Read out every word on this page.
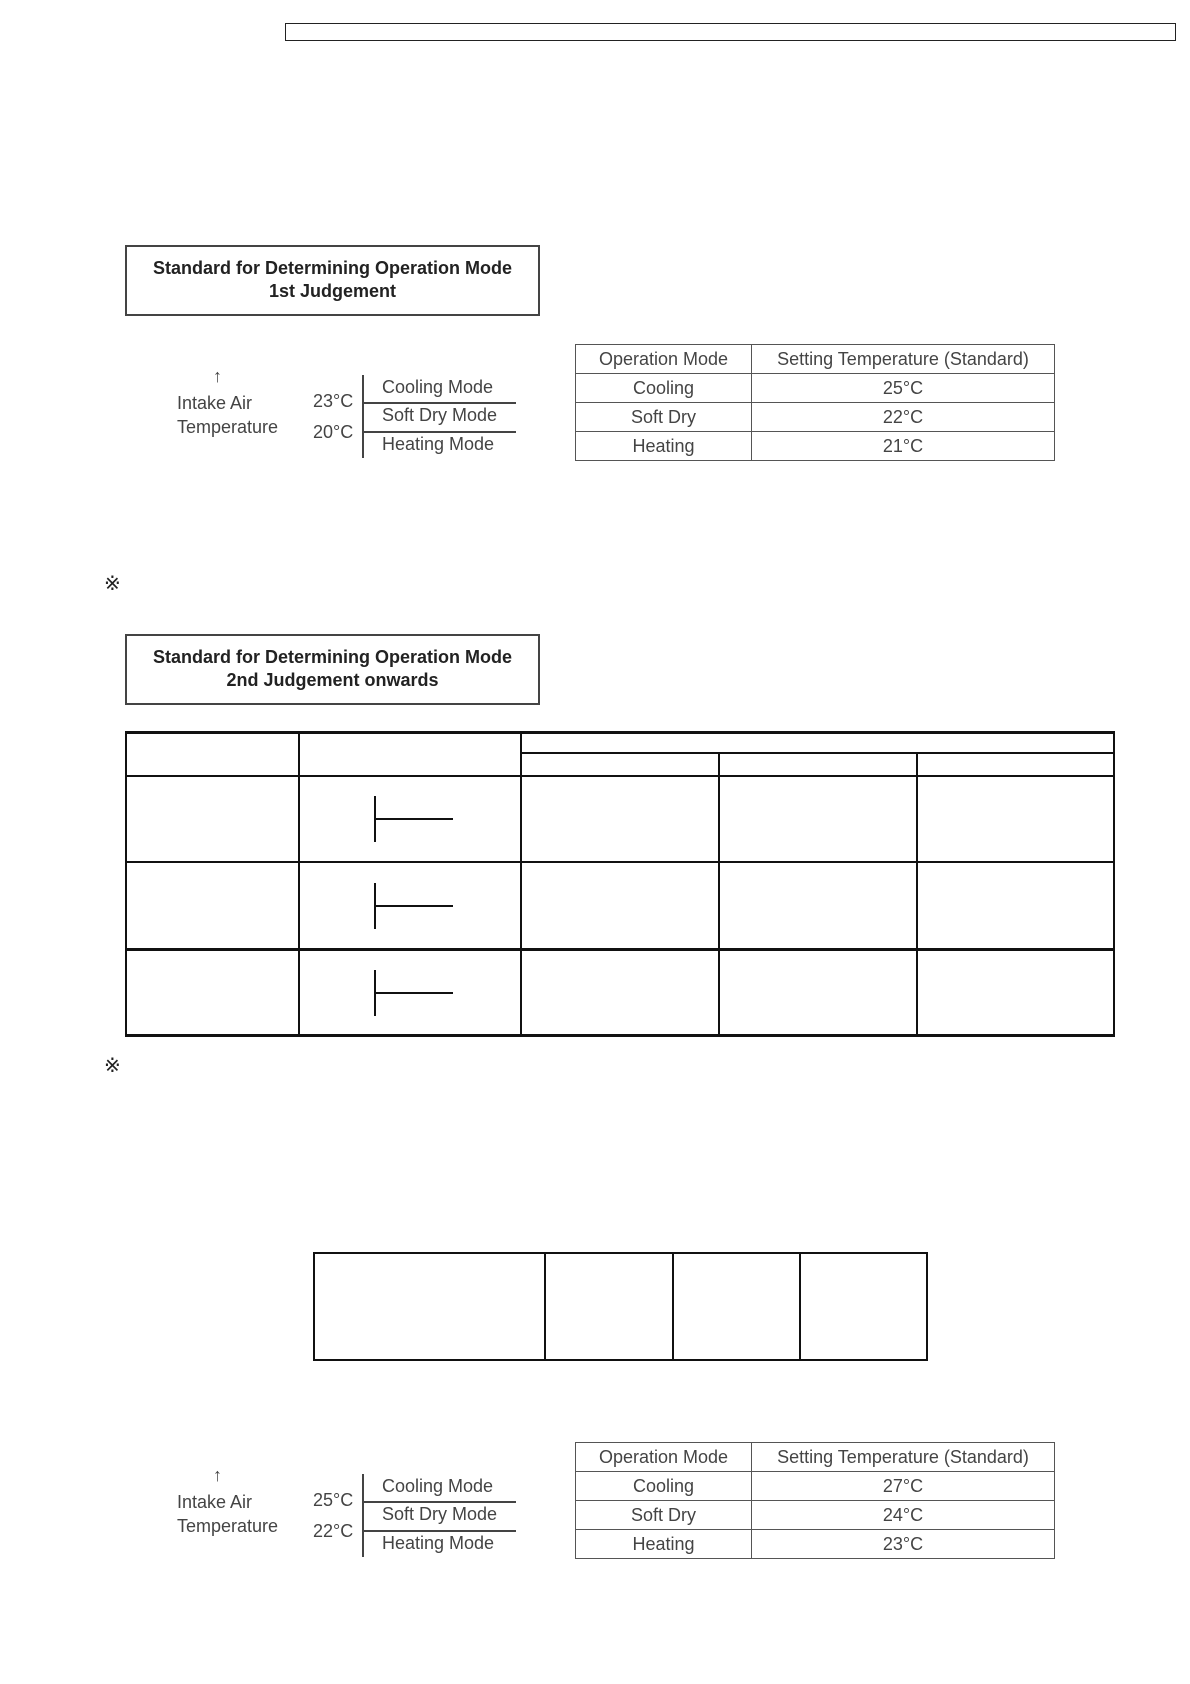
Standard for Determining Operation Mode
1st Judgement
↑
Intake Air
Temperature
23°C
20°C
Cooling Mode
Soft Dry Mode
Heating Mode
Operation Mode	Setting Temperature (Standard)
Cooling	25°C
Soft Dry	22°C
Heating	21°C
※
Standard for Determining Operation Mode
2nd Judgement onwards
※
↑
Intake Air
Temperature
25°C
22°C
Cooling Mode
Soft Dry Mode
Heating Mode
Operation Mode	Setting Temperature (Standard)
Cooling	27°C
Soft Dry	24°C
Heating	23°C
